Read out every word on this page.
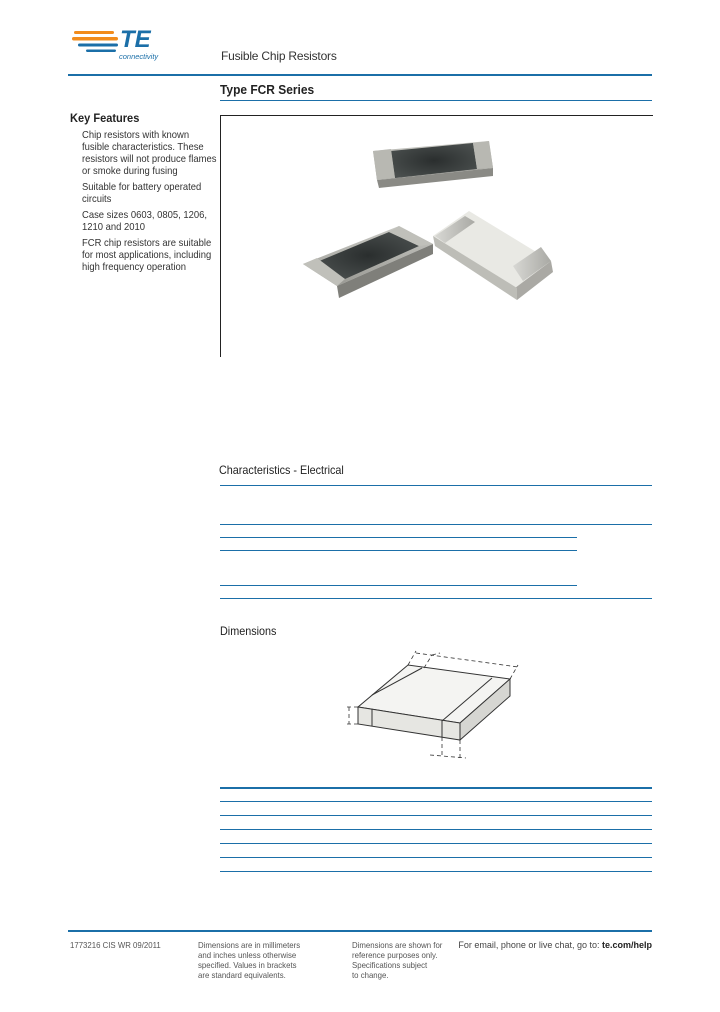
TE
connectivity	Fusible Chip Resistors
Type FCR Series
Key Features
Chip resistors with known fusible characteristics. These resistors will not produce flames or smoke during fusing
Suitable for battery operated circuits
Case sizes 0603, 0805, 1206, 1210 and 2010
FCR chip resistors are suitable for most applications, including high frequency operation
Characteristics - Electrical
Dimensions
1773216 CIS WR 09/2011	Dimensions are in millimeters
and inches unless otherwise
specified. Values in brackets
are standard equivalents.
Dimensions are shown for
reference purposes only.
Specifications subject
to change.
For email, phone or live chat, go to: te.com/help
